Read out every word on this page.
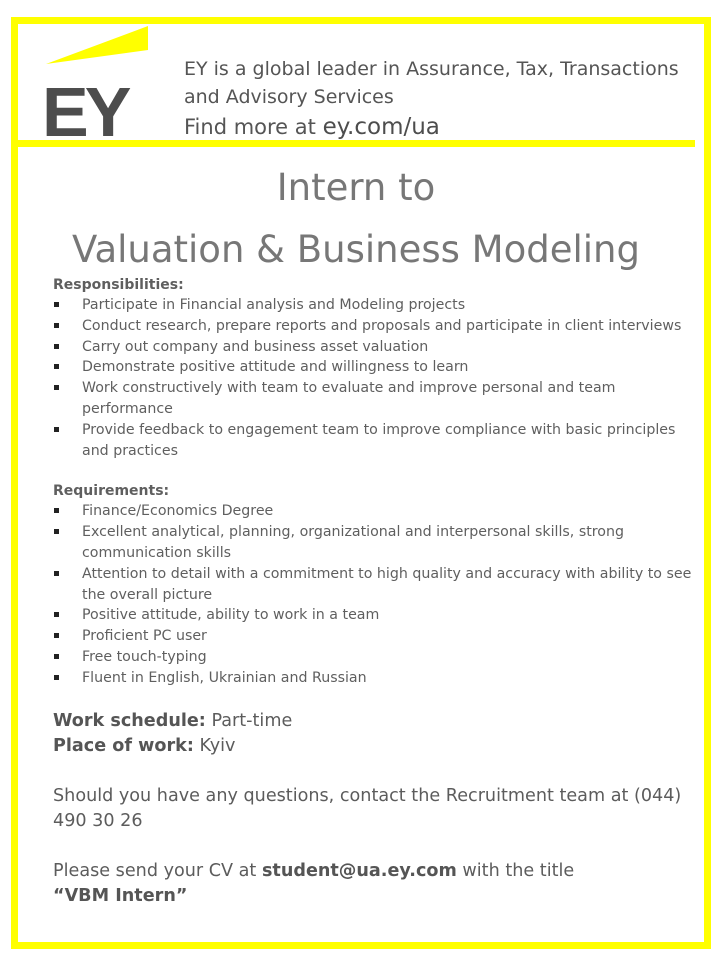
EY
EY is a global leader in Assurance, Tax, Transactions
and Advisory Services
Find more at ey.com/ua
Intern to
Valuation & Business Modeling
Responsibilities:
Participate in Financial analysis and Modeling projects
Conduct research, prepare reports and proposals and participate in client interviews
Carry out company and business asset valuation
Demonstrate positive attitude and willingness to learn
Work constructively with team to evaluate and improve personal and team performance
Provide feedback to engagement team to improve compliance with basic principles and practices
Requirements:
Finance/Economics Degree
Excellent analytical, planning, organizational and interpersonal skills, strong communication skills
Attention to detail with a commitment to high quality and accuracy with ability to see the overall picture
Positive attitude, ability to work in a team
Proficient PC user
Free touch-typing
Fluent in English, Ukrainian and Russian
Work schedule: Part-time
Place of work: Kyiv
Should you have any questions, contact the Recruitment team at (044) 490 30 26
Please send your CV at student@ua.ey.com with the title
“VBM Intern”
